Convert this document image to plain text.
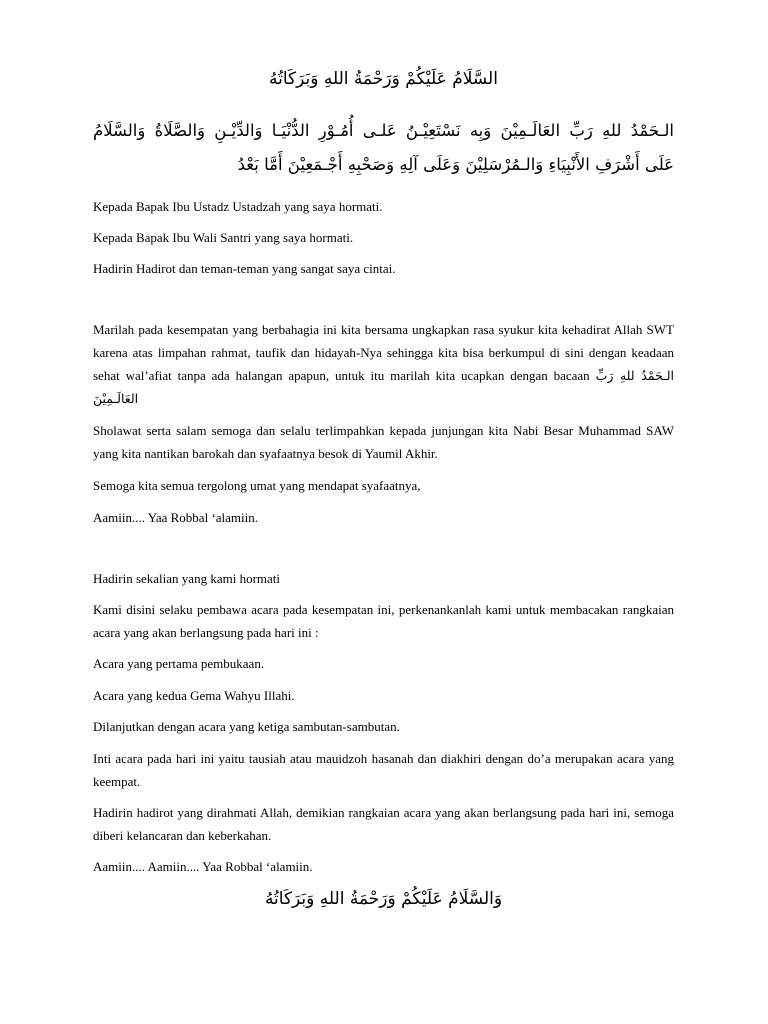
السَّلَامُ عَلَيْكُمْ وَرَحْمَةُ اللهِ وَبَرَكَاتُهُ
الـحَمْدُ للهِ رَبِّ العَالَـمِيْنَ وَبِه نَسْتَعِيْـنُ عَلـى أُمُـوْرِ الدُّنْيَـا وَالدِّيْـنِ وَالصَّلَاةُ وَالسَّلَامُ
عَلَى أَشْرَفِ الأَنْبِيَاءِ وَالـمُرْسَلِيْنَ وَعَلَى آلِهِ وَصَحْبِهِ أَجْـمَعِيْنَ أَمَّا بَعْدُ

Kepada Bapak Ibu Ustadz Ustadzah yang saya hormati.

Kepada Bapak Ibu Wali Santri yang saya hormati.

Hadirin Hadirot dan teman-teman yang sangat saya cintai.

Marilah pada kesempatan yang berbahagia ini kita bersama ungkapkan rasa syukur kita kehadirat Allah SWT karena atas limpahan rahmat, taufik dan hidayah-Nya sehingga kita bisa berkumpul di sini dengan keadaan sehat wal’afiat tanpa ada halangan apapun, untuk itu marilah kita ucapkan dengan bacaan الـحَمْدُ للهِ رَبِّ العَالَـمِيْنَ

Sholawat serta salam semoga dan selalu terlimpahkan kepada junjungan kita Nabi Besar Muhammad SAW yang kita nantikan barokah dan syafaatnya besok di Yaumil Akhir.

Semoga kita semua tergolong umat yang mendapat syafaatnya,

Aamiin.... Yaa Robbal ‘alamiin.

Hadirin sekalian yang kami hormati

Kami disini selaku pembawa acara pada kesempatan ini, perkenankanlah kami untuk membacakan rangkaian acara yang akan berlangsung pada hari ini :

Acara yang pertama pembukaan.

Acara yang kedua Gema Wahyu Illahi.

Dilanjutkan dengan acara yang ketiga sambutan-sambutan.

Inti acara pada hari ini yaitu tausiah atau mauidzoh hasanah dan diakhiri dengan do’a merupakan acara yang keempat.

Hadirin hadirot yang dirahmati Allah, demikian rangkaian acara yang akan berlangsung pada hari ini, semoga diberi kelancaran dan keberkahan.

Aamiin.... Aamiin.... Yaa Robbal ‘alamiin.

وَالسَّلَامُ عَلَيْكُمْ وَرَحْمَةُ اللهِ وَبَرَكَاتُهُ
